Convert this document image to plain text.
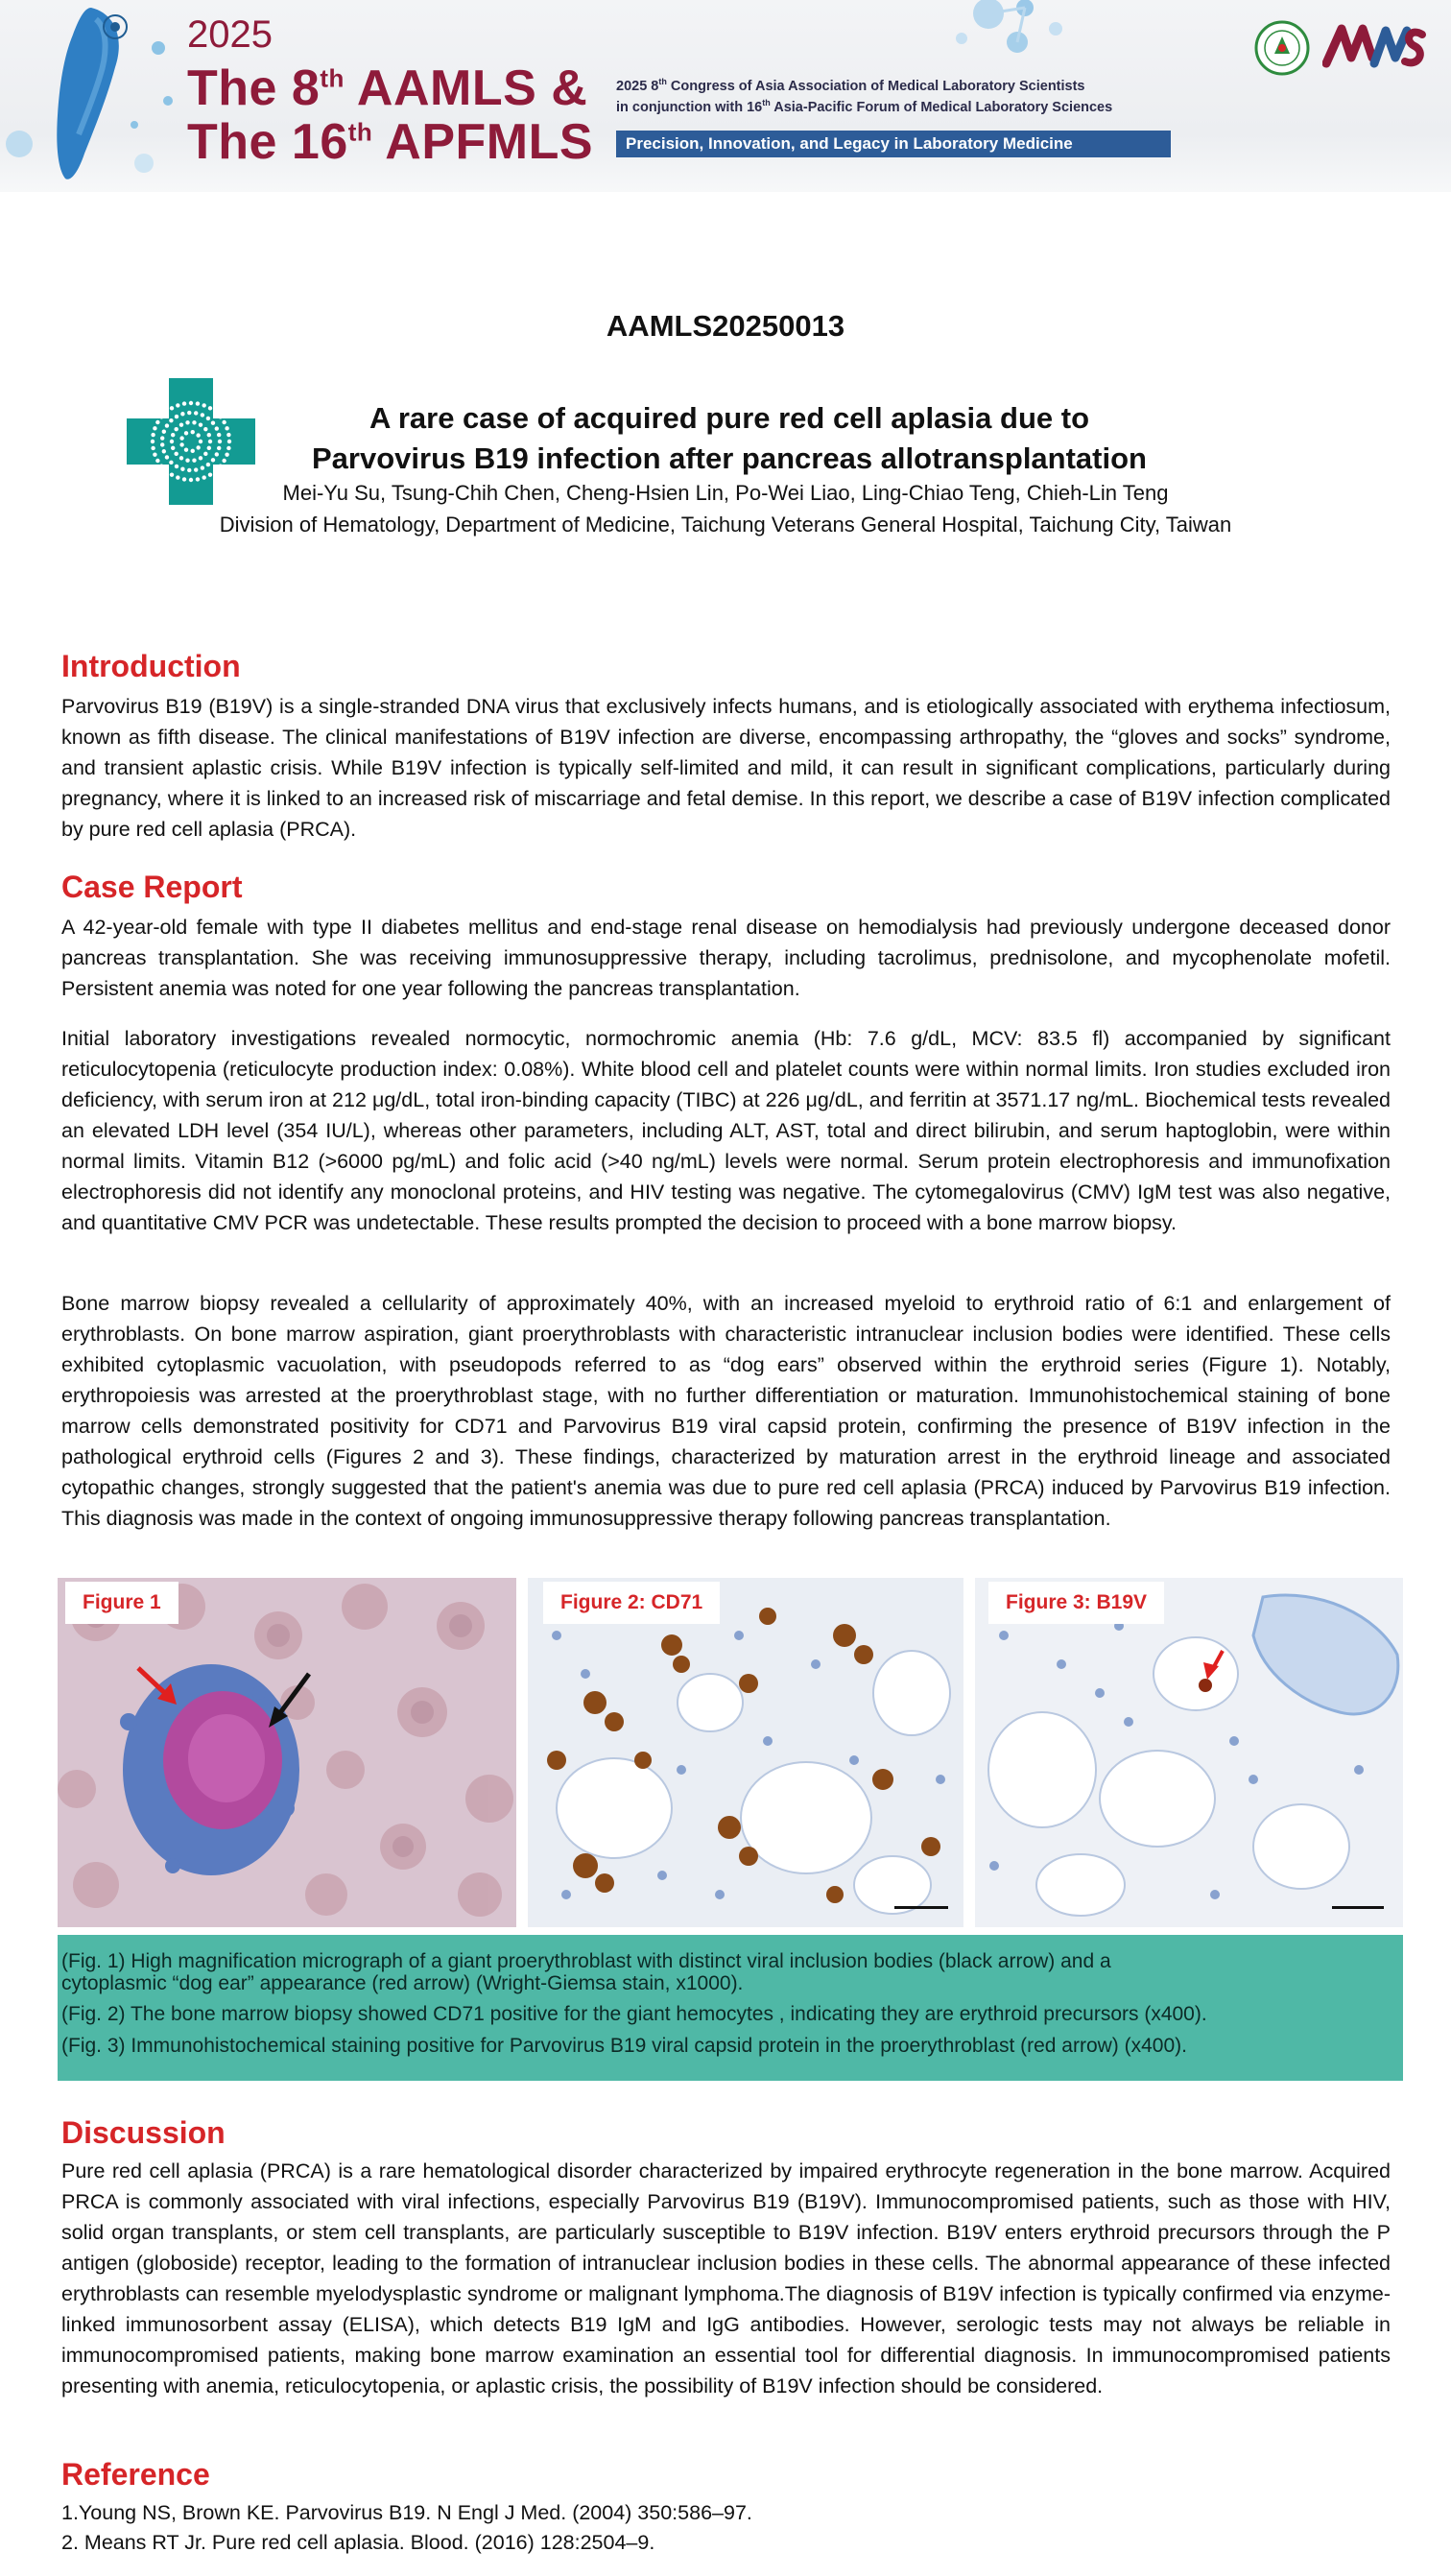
2025
The 8th AAMLS &
The 16th APFMLS
2025 8th Congress of Asia Association of Medical Laboratory Scientists
in conjunction with 16th Asia-Pacific Forum of Medical Laboratory Sciences
Precision, Innovation, and Legacy in Laboratory Medicine
AAMLS20250013
A rare case of acquired pure red cell aplasia due to
Parvovirus B19 infection after pancreas allotransplantation
Mei-Yu Su, Tsung-Chih Chen, Cheng-Hsien Lin, Po-Wei Liao, Ling-Chiao Teng, Chieh-Lin Teng
Division of Hematology, Department of Medicine, Taichung Veterans General Hospital, Taichung City, Taiwan
Introduction

Parvovirus B19 (B19V) is a single-stranded DNA virus that exclusively infects humans, and is etiologically associated with erythema infectiosum, known as fifth disease. The clinical manifestations of B19V infection are diverse, encompassing arthropathy, the “gloves and socks” syndrome, and transient aplastic crisis. While B19V infection is typically self-limited and mild, it can result in significant complications, particularly during pregnancy, where it is linked to an increased risk of miscarriage and fetal demise. In this report, we describe a case of B19V infection complicated by pure red cell aplasia (PRCA).

Case Report

A 42-year-old female with type II diabetes mellitus and end-stage renal disease on hemodialysis had previously undergone deceased donor pancreas transplantation. She was receiving immunosuppressive therapy, including tacrolimus, prednisolone, and mycophenolate mofetil. Persistent anemia was noted for one year following the pancreas transplantation.

Initial laboratory investigations revealed normocytic, normochromic anemia (Hb: 7.6 g/dL, MCV: 83.5 fl) accompanied by significant reticulocytopenia (reticulocyte production index: 0.08%). White blood cell and platelet counts were within normal limits. Iron studies excluded iron deficiency, with serum iron at 212 μg/dL, total iron-binding capacity (TIBC) at 226 μg/dL, and ferritin at 3571.17 ng/mL. Biochemical tests revealed an elevated LDH level (354 IU/L), whereas other parameters, including ALT, AST, total and direct bilirubin, and serum haptoglobin, were within normal limits. Vitamin B12 (>6000 pg/mL) and folic acid (>40 ng/mL) levels were normal. Serum protein electrophoresis and immunofixation electrophoresis did not identify any monoclonal proteins, and HIV testing was negative. The cytomegalovirus (CMV) IgM test was also negative, and quantitative CMV PCR was undetectable. These results prompted the decision to proceed with a bone marrow biopsy.

Bone marrow biopsy revealed a cellularity of approximately 40%, with an increased myeloid to erythroid ratio of 6:1 and enlargement of erythroblasts. On bone marrow aspiration, giant proerythroblasts with characteristic intranuclear inclusion bodies were identified. These cells exhibited cytoplasmic vacuolation, with pseudopods referred to as “dog ears” observed within the erythroid series (Figure 1). Notably, erythropoiesis was arrested at the proerythroblast stage, with no further differentiation or maturation. Immunohistochemical staining of bone marrow cells demonstrated positivity for CD71 and Parvovirus B19 viral capsid protein, confirming the presence of B19V infection in the pathological erythroid cells (Figures 2 and 3). These findings, characterized by maturation arrest in the erythroid lineage and associated cytopathic changes, strongly suggested that the patient's anemia was due to pure red cell aplasia (PRCA) induced by Parvovirus B19 infection. This diagnosis was made in the context of ongoing immunosuppressive therapy following pancreas transplantation.

Figure 1	Figure 2: CD71	Figure 3: B19V
(Fig. 1) High magnification micrograph of a giant proerythroblast with distinct viral inclusion bodies (black arrow) and a
cytoplasmic “dog ear” appearance (red arrow) (Wright-Giemsa stain, x1000).
(Fig. 2) The bone marrow biopsy showed CD71 positive for the giant hemocytes , indicating they are erythroid precursors (x400).
(Fig. 3) Immunohistochemical staining positive for Parvovirus B19 viral capsid protein in the proerythroblast (red arrow) (x400).
Discussion

Pure red cell aplasia (PRCA) is a rare hematological disorder characterized by impaired erythrocyte regeneration in the bone marrow. Acquired PRCA is commonly associated with viral infections, especially Parvovirus B19 (B19V). Immunocompromised patients, such as those with HIV, solid organ transplants, or stem cell transplants, are particularly susceptible to B19V infection. B19V enters erythroid precursors through the P antigen (globoside) receptor, leading to the formation of intranuclear inclusion bodies in these cells. The abnormal appearance of these infected erythroblasts can resemble myelodysplastic syndrome or malignant lymphoma.The diagnosis of B19V infection is typically confirmed via enzyme-linked immunosorbent assay (ELISA), which detects B19 IgM and IgG antibodies. However, serologic tests may not always be reliable in immunocompromised patients, making bone marrow examination an essential tool for differential diagnosis. In immunocompromised patients presenting with anemia, reticulocytopenia, or aplastic crisis, the possibility of B19V infection should be considered.

Reference
1.Young NS, Brown KE. Parvovirus B19. N Engl J Med. (2004) 350:586–97.
2. Means RT Jr. Pure red cell aplasia. Blood. (2016) 128:2504–9.
